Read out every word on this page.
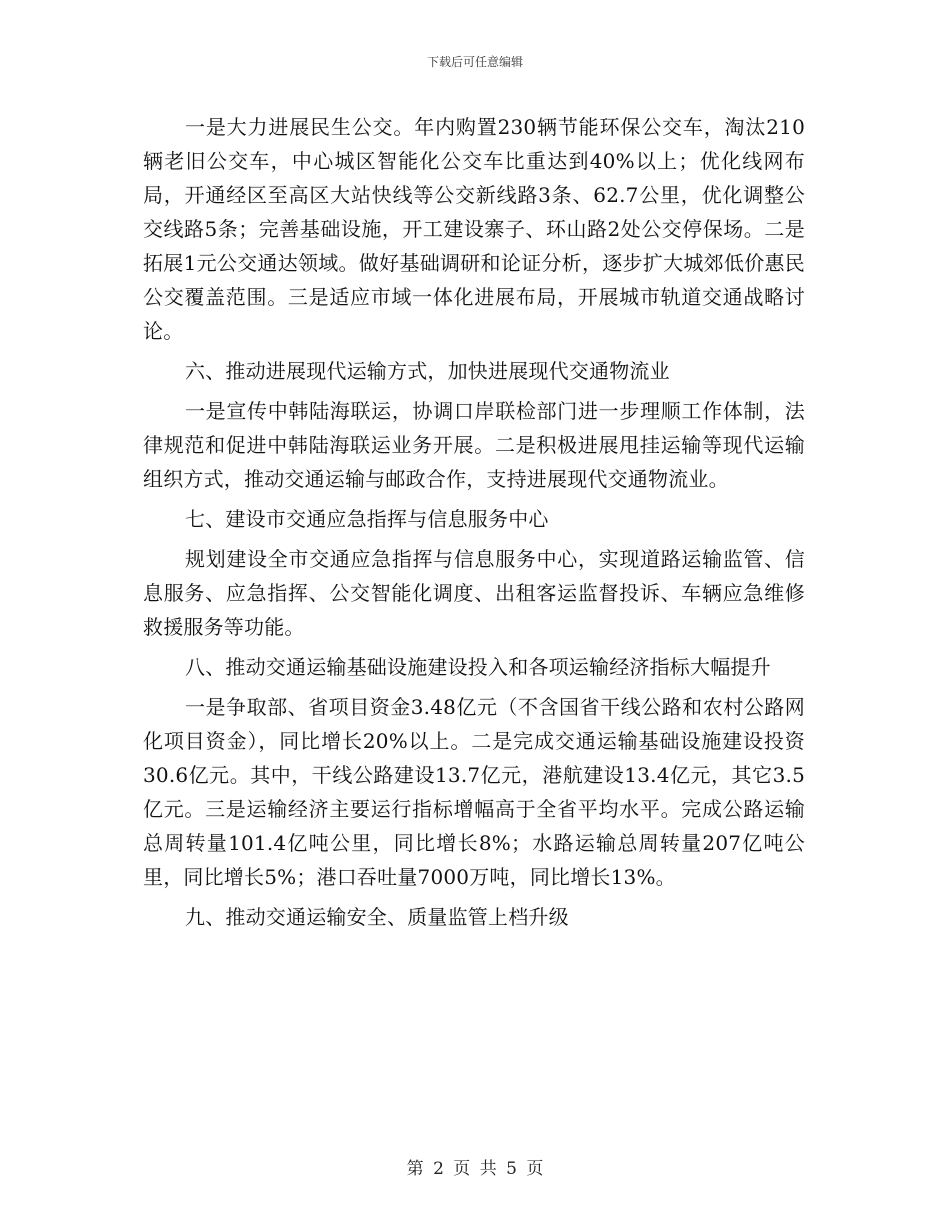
下载后可任意编辑

一是大力进展民生公交。年内购置230辆节能环保公交车，淘汰210辆老旧公交车，中心城区智能化公交车比重达到40%以上；优化线网布局，开通经区至高区大站快线等公交新线路3条、62.7公里，优化调整公交线路5条；完善基础设施，开工建设寨子、环山路2处公交停保场。二是拓展1元公交通达领域。做好基础调研和论证分析，逐步扩大城郊低价惠民公交覆盖范围。三是适应市域一体化进展布局，开展城市轨道交通战略讨论。

六、推动进展现代运输方式，加快进展现代交通物流业

一是宣传中韩陆海联运，协调口岸联检部门进一步理顺工作体制，法律规范和促进中韩陆海联运业务开展。二是积极进展甩挂运输等现代运输组织方式，推动交通运输与邮政合作，支持进展现代交通物流业。

七、建设市交通应急指挥与信息服务中心

规划建设全市交通应急指挥与信息服务中心，实现道路运输监管、信息服务、应急指挥、公交智能化调度、出租客运监督投诉、车辆应急维修救援服务等功能。

八、推动交通运输基础设施建设投入和各项运输经济指标大幅提升

一是争取部、省项目资金3.48亿元（不含国省干线公路和农村公路网化项目资金），同比增长20%以上。二是完成交通运输基础设施建设投资30.6亿元。其中，干线公路建设13.7亿元，港航建设13.4亿元，其它3.5亿元。三是运输经济主要运行指标增幅高于全省平均水平。完成公路运输总周转量101.4亿吨公里，同比增长8%；水路运输总周转量207亿吨公里，同比增长5%；港口吞吐量7000万吨，同比增长13%。

九、推动交通运输安全、质量监管上档升级

第 2 页 共 5 页
